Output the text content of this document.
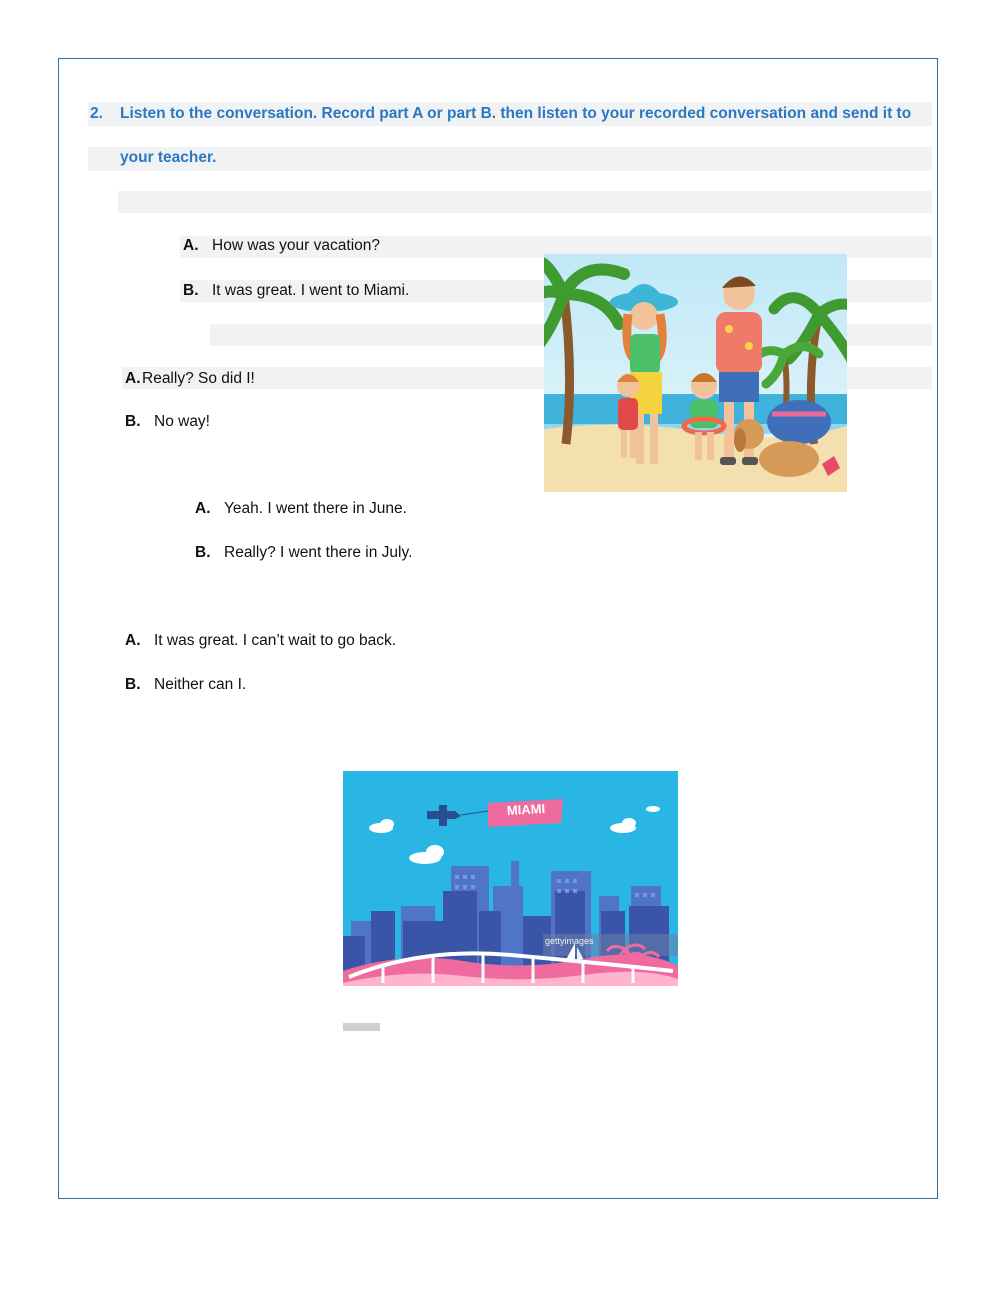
2. Listen to the conversation. Record part A or part B. then listen to your recorded conversation and send it to
your teacher.
A. How was your vacation?
B. It was great. I went to Miami.
A.Really? So did I!
B. No way!
A. Yeah. I went there in June.
B. Really? I went there in July.
A. It was great. I can’t wait to go back.
B. Neither can I.
MIAMI
gettyimages
